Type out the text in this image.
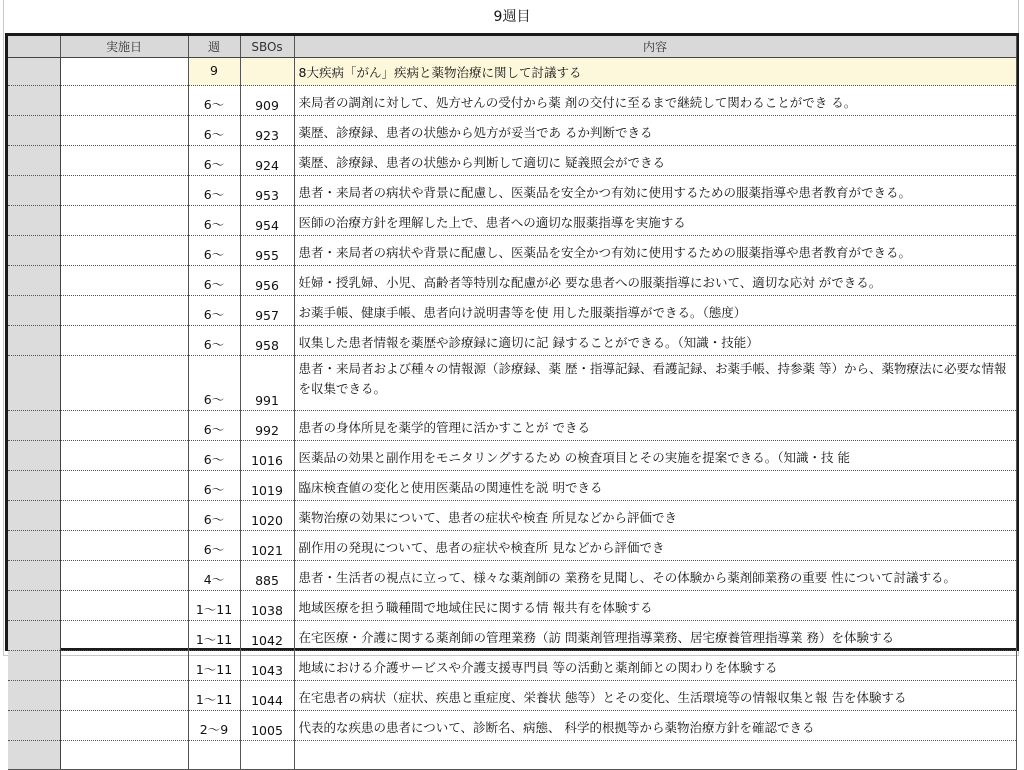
9週目
	実施日	週	SBOs	内容
		9		8大疾病「がん」疾病と薬物治療に関して討議する
		6〜	909	来局者の調剤に対して、処方せんの受付から薬 剤の交付に至るまで継続して関わることができ る。
		6〜	923	薬歴、診療録、患者の状態から処方が妥当であ るか判断できる
		6〜	924	薬歴、診療録、患者の状態から判断して適切に 疑義照会ができる
		6〜	953	患者・来局者の病状や背景に配慮し、医薬品を安全かつ有効に使用するための服薬指導や患者教育ができる。
		6〜	954	医師の治療方針を理解した上で、患者への適切な服薬指導を実施する
		6〜	955	患者・来局者の病状や背景に配慮し、医薬品を安全かつ有効に使用するための服薬指導や患者教育ができる。
		6〜	956	妊婦・授乳婦、小児、高齢者等特別な配慮が必 要な患者への服薬指導において、適切な応対 ができる。
		6〜	957	お薬手帳、健康手帳、患者向け説明書等を使 用した服薬指導ができる。（態度）
		6〜	958	収集した患者情報を薬歴や診療録に適切に記 録することができる。（知識・技能）
		6〜	991	患者・来局者および種々の情報源（診療録、薬 歴・指導記録、看護記録、お薬手帳、持参薬 等）から、薬物療法に必要な情報を収集できる。
		6〜	992	患者の身体所見を薬学的管理に活かすことが できる
		6〜	1016	医薬品の効果と副作用をモニタリングするため の検査項目とその実施を提案できる。（知識・技 能
		6〜	1019	臨床検査値の変化と使用医薬品の関連性を説 明できる
		6〜	1020	薬物治療の効果について、患者の症状や検査 所見などから評価でき
		6〜	1021	副作用の発現について、患者の症状や検査所 見などから評価でき
		4〜	885	患者・生活者の視点に立って、様々な薬剤師の 業務を見聞し、その体験から薬剤師業務の重要 性について討議する。
		1〜11	1038	地域医療を担う職種間で地域住民に関する情 報共有を体験する
		1〜11	1042	在宅医療・介護に関する薬剤師の管理業務（訪 問薬剤管理指導業務、居宅療養管理指導業 務）を体験する
		1〜11	1043	地域における介護サービスや介護支援専門員 等の活動と薬剤師との関わりを体験する
		1〜11	1044	在宅患者の病状（症状、疾患と重症度、栄養状 態等）とその変化、生活環境等の情報収集と報 告を体験する
		2〜9	1005	代表的な疾患の患者について、診断名、病態、 科学的根拠等から薬物治療方針を確認できる
